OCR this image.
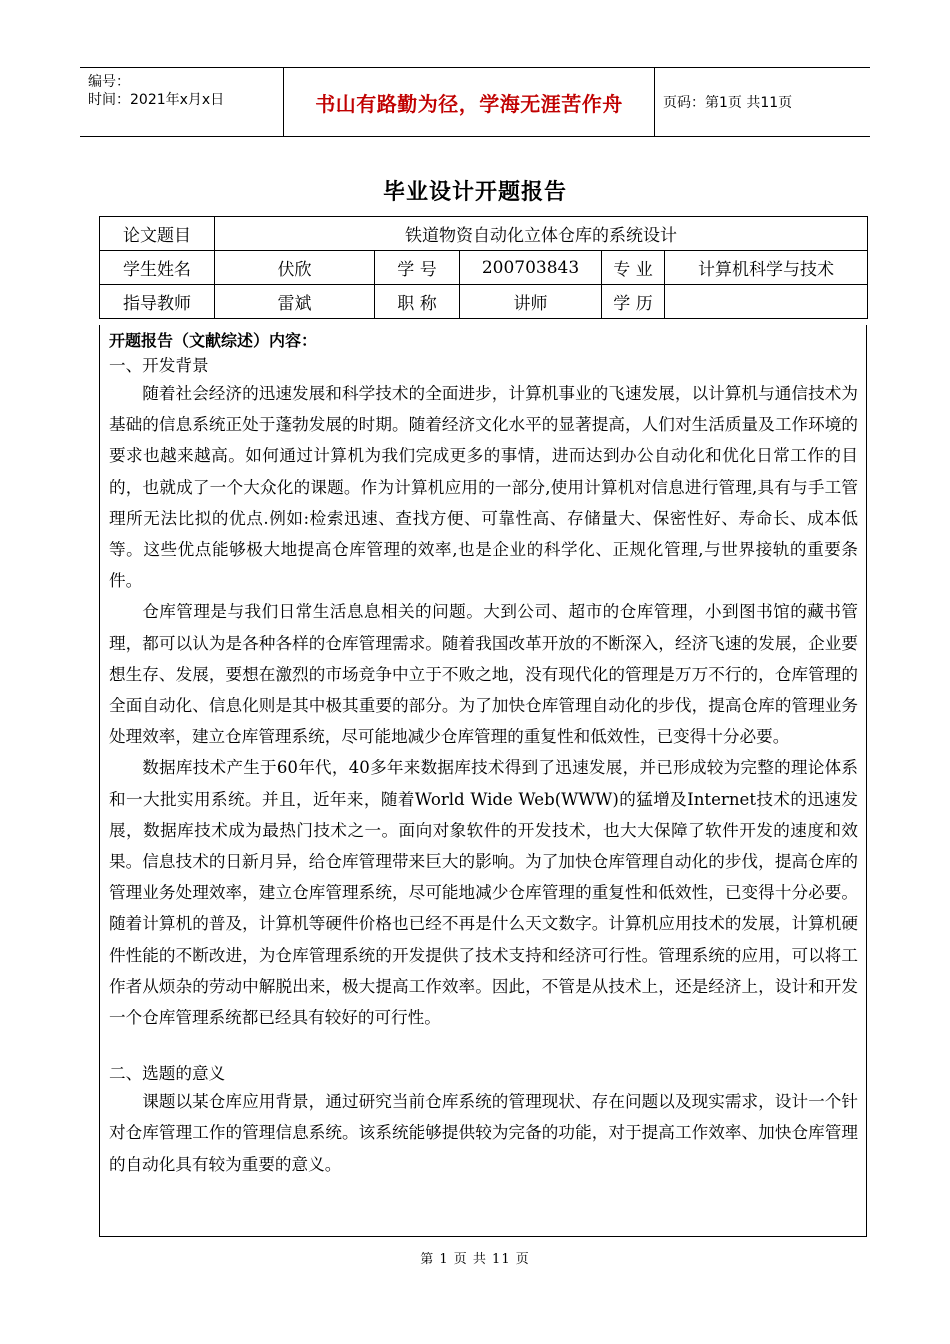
编号：
时间：2021年x月x日	书山有路勤为径，学海无涯苦作舟	页码：第1页 共11页
毕业设计开题报告
论文题目	铁道物资自动化立体仓库的系统设计				
学生姓名	伏欣	学 号	200703843	专 业	计算机科学与技术
指导教师	雷斌	职 称	讲师	学 历	

开题报告（文献综述）内容：

一、开发背景

随着社会经济的迅速发展和科学技术的全面进步，计算机事业的飞速发展，以计算机与通信技术为基础的信息系统正处于蓬勃发展的时期。随着经济文化水平的显著提高，人们对生活质量及工作环境的要求也越来越高。如何通过计算机为我们完成更多的事情，进而达到办公自动化和优化日常工作的目的，也就成了一个大众化的课题。作为计算机应用的一部分,使用计算机对信息进行管理,具有与手工管理所无法比拟的优点.例如:检索迅速、查找方便、可靠性高、存储量大、保密性好、寿命长、成本低等。这些优点能够极大地提高仓库管理的效率,也是企业的科学化、正规化管理,与世界接轨的重要条件。

仓库管理是与我们日常生活息息相关的问题。大到公司、超市的仓库管理，小到图书馆的藏书管理，都可以认为是各种各样的仓库管理需求。随着我国改革开放的不断深入，经济飞速的发展，企业要想生存、发展，要想在激烈的市场竞争中立于不败之地，没有现代化的管理是万万不行的，仓库管理的全面自动化、信息化则是其中极其重要的部分。为了加快仓库管理自动化的步伐，提高仓库的管理业务处理效率，建立仓库管理系统，尽可能地减少仓库管理的重复性和低效性，已变得十分必要。

数据库技术产生于60年代，40多年来数据库技术得到了迅速发展，并已形成较为完整的理论体系和一大批实用系统。并且，近年来，随着World Wide Web(WWW)的猛增及Internet技术的迅速发展，数据库技术成为最热门技术之一。面向对象软件的开发技术，也大大保障了软件开发的速度和效果。信息技术的日新月异，给仓库管理带来巨大的影响。为了加快仓库管理自动化的步伐，提高仓库的管理业务处理效率，建立仓库管理系统，尽可能地减少仓库管理的重复性和低效性，已变得十分必要。随着计算机的普及，计算机等硬件价格也已经不再是什么天文数字。计算机应用技术的发展，计算机硬件性能的不断改进，为仓库管理系统的开发提供了技术支持和经济可行性。管理系统的应用，可以将工作者从烦杂的劳动中解脱出来，极大提高工作效率。因此，不管是从技术上，还是经济上，设计和开发一个仓库管理系统都已经具有较好的可行性。

二、选题的意义

课题以某仓库应用背景，通过研究当前仓库系统的管理现状、存在问题以及现实需求，设计一个针对仓库管理工作的管理信息系统。该系统能够提供较为完备的功能，对于提高工作效率、加快仓库管理的自动化具有较为重要的意义。

第 1 页 共 11 页
